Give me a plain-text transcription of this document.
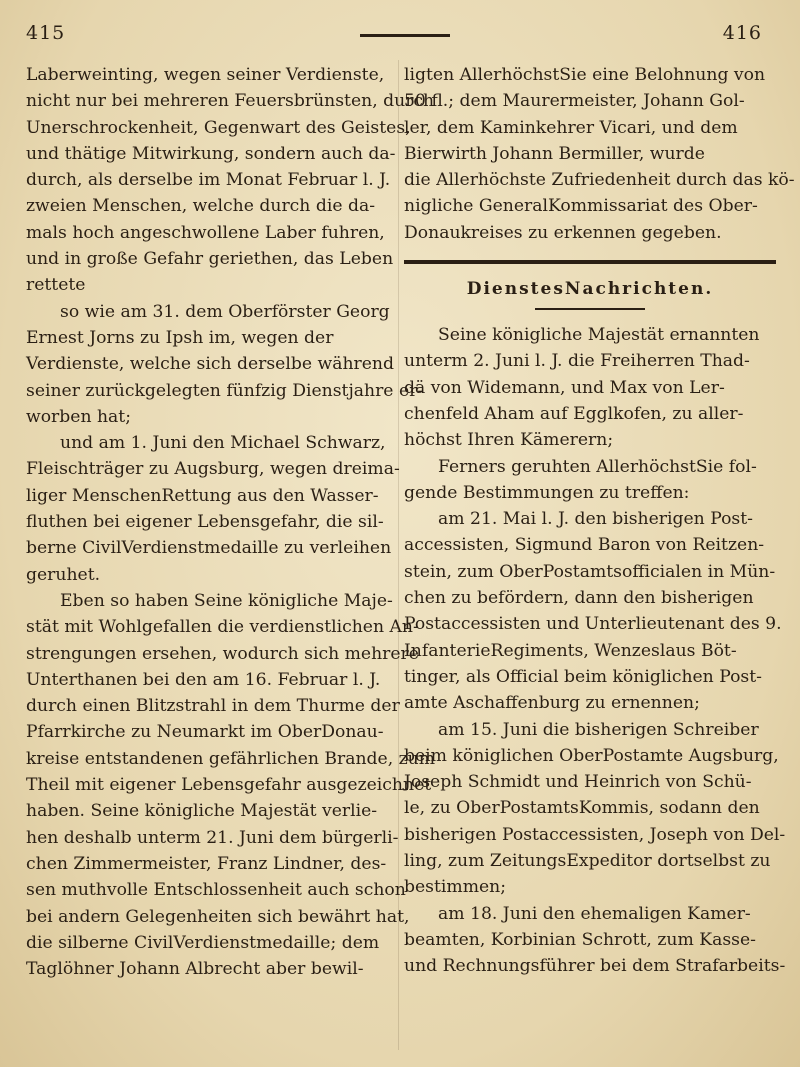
415	416
Laberweinting, wegen seiner Verdienste,
nicht nur bei mehreren Feuersbrünsten, durch
Unerschrockenheit, Gegenwart des Geistes,
und thätige Mitwirkung, sondern auch da-
durch, als derselbe im Monat Februar l. J.
zweien Menschen, welche durch die da-
mals hoch angeschwollene Laber fuhren,
und in große Gefahr geriethen, das Leben
rettete
so wie am 31. dem Oberförster Georg
Ernest Jorns zu Ipsh im, wegen der
Verdienste, welche sich derselbe während
seiner zurückgelegten fünfzig Dienstjahre er-
worben hat;
und am 1. Juni den Michael Schwarz,
Fleischträger zu Augsburg, wegen dreima-
liger MenschenRettung aus den Wasser-
fluthen bei eigener Lebensgefahr, die sil-
berne CivilVerdienstmedaille zu verleihen
geruhet.
Eben so haben Seine königliche Maje-
stät mit Wohlgefallen die verdienstlichen An-
strengungen ersehen, wodurch sich mehrere
Unterthanen bei den am 16. Februar l. J.
durch einen Blitzstrahl in dem Thurme der
Pfarrkirche zu Neumarkt im OberDonau-
kreise entstandenen gefährlichen Brande, zum
Theil mit eigener Lebensgefahr ausgezeichnet
haben. Seine königliche Majestät verlie-
hen deshalb unterm 21. Juni dem bürgerli-
chen Zimmermeister, Franz Lindner, des-
sen muthvolle Entschlossenheit auch schon
bei andern Gelegenheiten sich bewährt hat,
die silberne CivilVerdienstmedaille; dem
Taglöhner Johann Albrecht aber bewil-
ligten AllerhöchstSie eine Belohnung von
50 fl.; dem Maurermeister, Johann Gol-
ler, dem Kaminkehrer Vicari, und dem
Bierwirth Johann Bermiller, wurde
die Allerhöchste Zufriedenheit durch das kö-
nigliche GeneralKommissariat des Ober-
Donaukreises zu erkennen gegeben.
DienstesNachrichten.
Seine königliche Majestät ernannten
unterm 2. Juni l. J. die Freiherren Thad-
dä von Widemann, und Max von Ler-
chenfeld Aham auf Egglkofen, zu aller-
höchst Ihren Kämerern;
Ferners geruhten AllerhöchstSie fol-
gende Bestimmungen zu treffen:
am 21. Mai l. J. den bisherigen Post-
accessisten, Sigmund Baron von Reitzen-
stein, zum OberPostamtsofficialen in Mün-
chen zu befördern, dann den bisherigen
Postaccessisten und Unterlieutenant des 9.
InfanterieRegiments, Wenzeslaus Böt-
tinger, als Official beim königlichen Post-
amte Aschaffenburg zu ernennen;
am 15. Juni die bisherigen Schreiber
beim königlichen OberPostamte Augsburg,
Joseph Schmidt und Heinrich von Schü-
le, zu OberPostamtsKommis, sodann den
bisherigen Postaccessisten, Joseph von Del-
ling, zum ZeitungsExpeditor dortselbst zu
bestimmen;
am 18. Juni den ehemaligen Kamer-
beamten, Korbinian Schrott, zum Kasse-
und Rechnungsführer bei dem Strafarbeits-
